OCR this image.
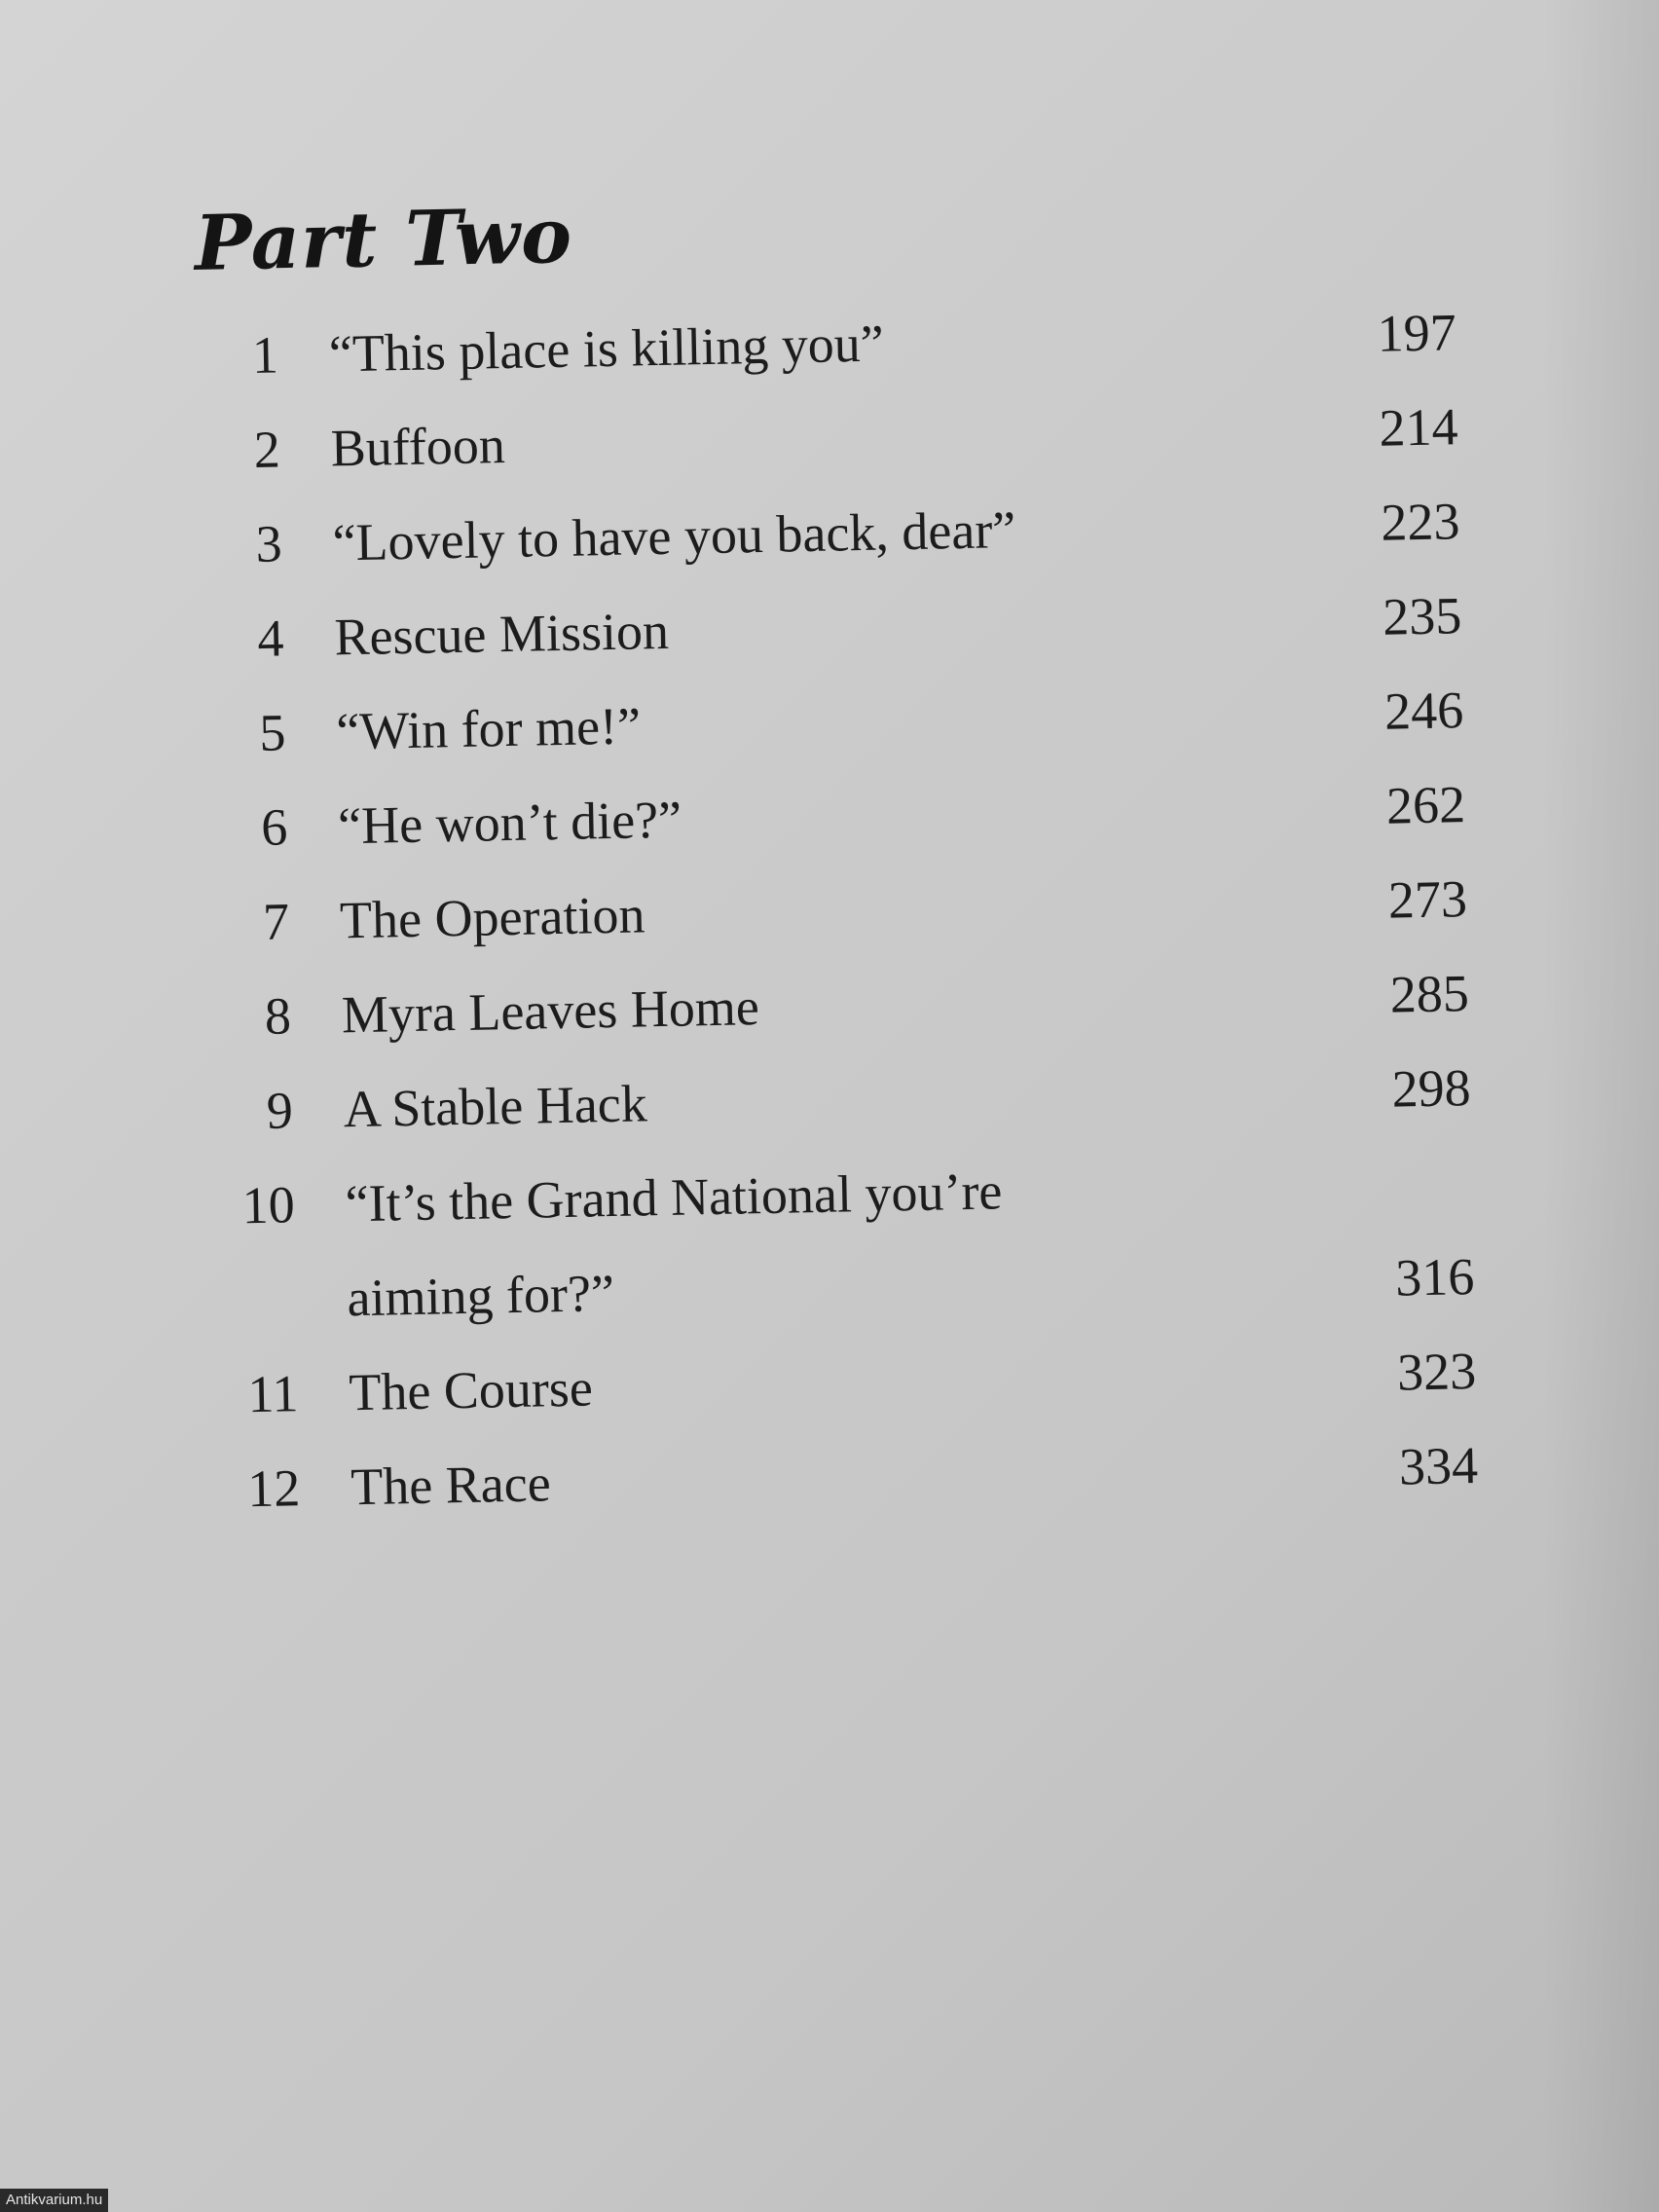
Part Two
1 “This place is killing you”	197
2 Buffoon	214
3 “Lovely to have you back, dear”	223
4 Rescue Mission	235
5 “Win for me!”	246
6 “He won’t die?”	262
7 The Operation	273
8 Myra Leaves Home	285
9 A Stable Hack	298
10 “It’s the Grand National you’re
aiming for?”	316
11 The Course	323
12 The Race	334
Antikvarium.hu
